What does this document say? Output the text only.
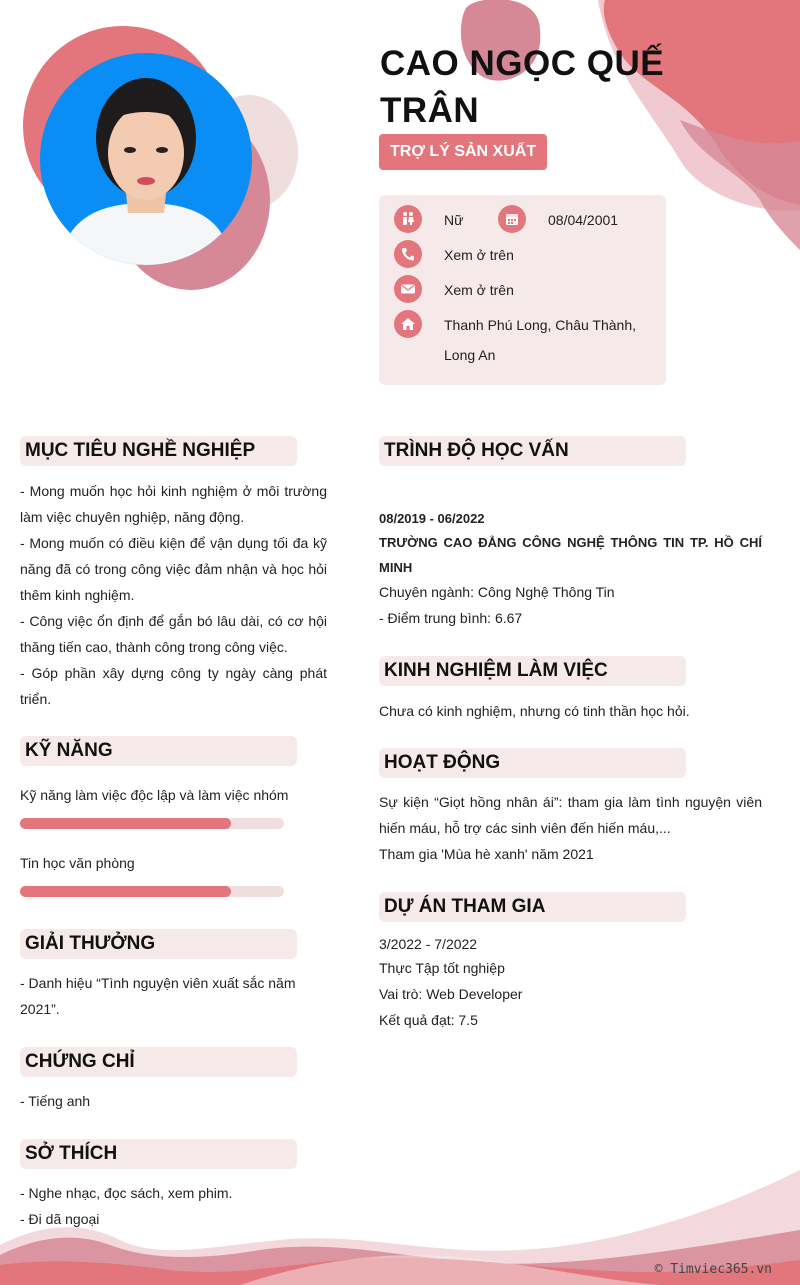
CAO NGỌC QUẾ
TRÂN
TRỢ LÝ SẢN XUẤT
Nữ	08/04/2001
Xem ở trên
Xem ở trên
Thanh Phú Long, Châu Thành,
Long An
MỤC TIÊU NGHỀ NGHIỆP
- Mong muốn học hỏi kinh nghiệm ở môi trường làm việc chuyên nghiệp, năng động.
- Mong muốn có điều kiện để vận dụng tối đa kỹ năng đã có trong công việc đảm nhận và học hỏi thêm kinh nghiệm.
- Công việc ổn định để gắn bó lâu dài, có cơ hội thăng tiến cao, thành công trong công việc.
- Góp phần xây dựng công ty ngày càng phát triển.
KỸ NĂNG
Kỹ năng làm việc độc lập và làm việc nhóm
Tin học văn phòng
GIẢI THƯỞNG
- Danh hiệu “Tình nguyện viên xuất sắc năm 2021”.
CHỨNG CHỈ
- Tiếng anh
SỞ THÍCH
- Nghe nhạc, đọc sách, xem phim.
- Đi dã ngoại
TRÌNH ĐỘ HỌC VẤN
08/2019 - 06/2022
TRƯỜNG CAO ĐẲNG CÔNG NGHỆ THÔNG TIN TP. HỒ CHÍ MINH
Chuyên ngành: Công Nghệ Thông Tin
- Điểm trung bình: 6.67
KINH NGHIỆM LÀM VIỆC
Chưa có kinh nghiệm, nhưng có tinh thần học hỏi.
HOẠT ĐỘNG
Sự kiện “Giọt hồng nhân ái”: tham gia làm tình nguyện viên hiến máu, hỗ trợ các sinh viên đến hiến máu,...
Tham gia 'Mùa hè xanh' năm 2021
DỰ ÁN THAM GIA
3/2022 - 7/2022
Thực Tập tốt nghiệp
Vai trò: Web Developer
Kết quả đạt: 7.5
© Timviec365.vn
